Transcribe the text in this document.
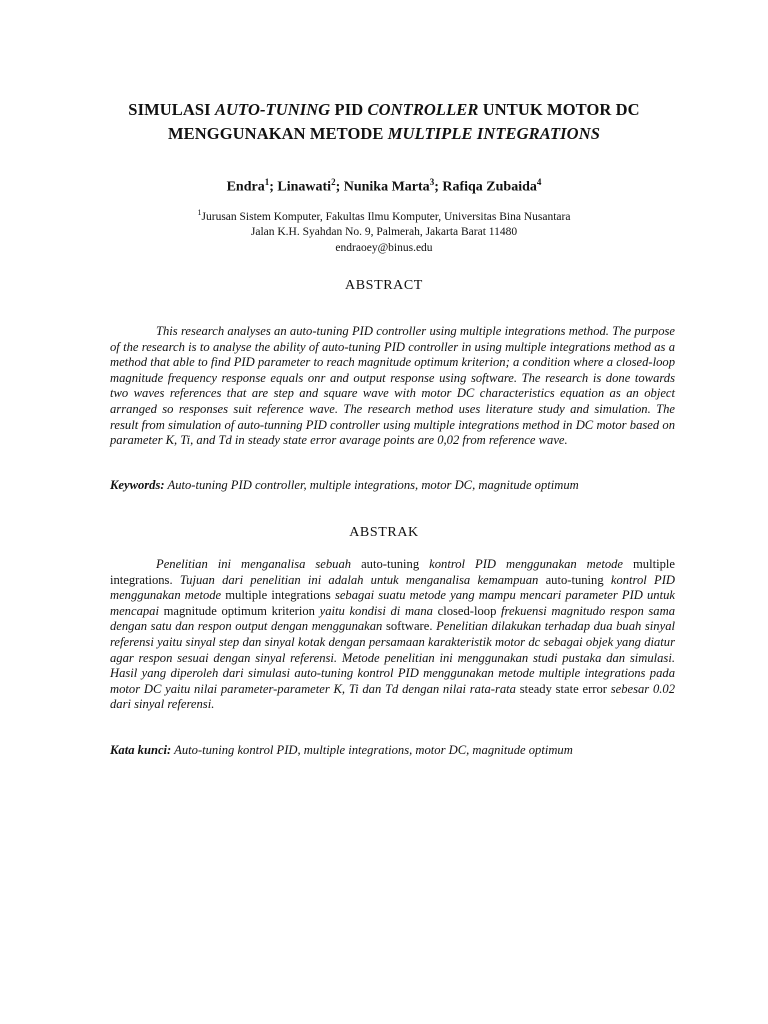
SIMULASI AUTO-TUNING PID CONTROLLER UNTUK MOTOR DC
MENGGUNAKAN METODE MULTIPLE INTEGRATIONS
Endra$^1$; Linawati$^2$; Nunika Marta$^3$; Rafiqa Zubaida$^4$
$^1$Jurusan Sistem Komputer, Fakultas Ilmu Komputer, Universitas Bina Nusantara
Jalan K.H. Syahdan No. 9, Palmerah, Jakarta Barat 11480
endraoey@binus.edu
ABSTRACT
This research analyses an auto-tuning PID controller using multiple integrations method. The purpose of the research is to analyse the ability of auto-tuning PID controller in using multiple integrations method as a method that able to find PID parameter to reach magnitude optimum kriterion; a condition where a closed-loop magnitude frequency response equals onr and output response using software. The research is done towards two waves references that are step and square wave with motor DC characteristics equation as an object arranged so responses suit reference wave. The research method uses literature study and simulation. The result from simulation of auto-tunning PID controller using multiple integrations method in DC motor based on parameter K, Ti, and Td in steady state error avarage points are 0,02 from reference wave.
Keywords: Auto-tuning PID controller, multiple integrations, motor DC, magnitude optimum
ABSTRAK
Penelitian ini menganalisa sebuah auto-tuning kontrol PID menggunakan metode multiple integrations. Tujuan dari penelitian ini adalah untuk menganalisa kemampuan auto-tuning kontrol PID menggunakan metode multiple integrations sebagai suatu metode yang mampu mencari parameter PID untuk mencapai magnitude optimum kriterion yaitu kondisi di mana closed-loop frekuensi magnitudo respon sama dengan satu dan respon output dengan menggunakan software. Penelitian dilakukan terhadap dua buah sinyal referensi yaitu sinyal step dan sinyal kotak dengan persamaan karakteristik motor dc sebagai objek yang diatur agar respon sesuai dengan sinyal referensi. Metode penelitian ini menggunakan studi pustaka dan simulasi. Hasil yang diperoleh dari simulasi auto-tuning kontrol PID menggunakan metode multiple integrations pada motor DC yaitu nilai parameter-parameter K, Ti dan Td dengan nilai rata-rata steady state error sebesar 0.02 dari sinyal referensi.
Kata kunci: Auto-tuning kontrol PID, multiple integrations, motor DC, magnitude optimum
